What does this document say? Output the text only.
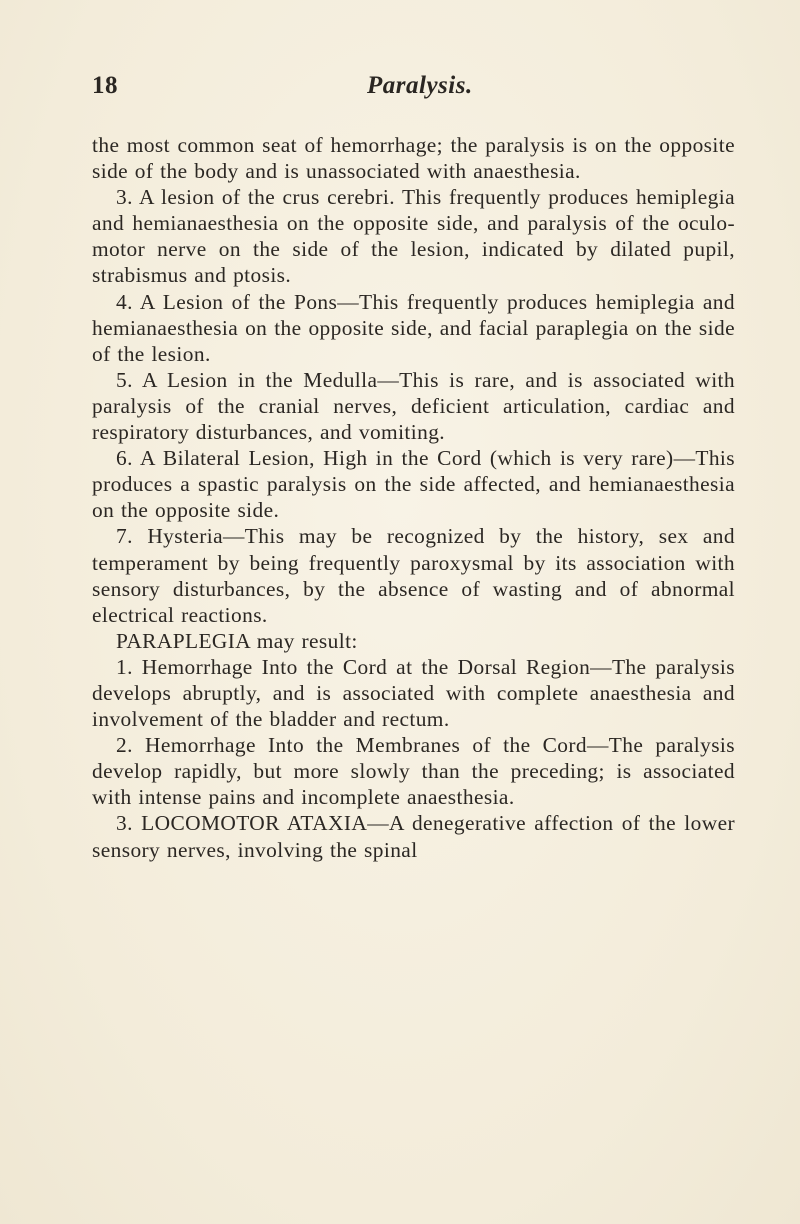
18	Paralysis.

the most common seat of hemorrhage; the paralysis is on the opposite side of the body and is unassociated with anaesthesia.

3. A lesion of the crus cerebri. This frequently produces hemiplegia and hemianaesthesia on the opposite side, and paralysis of the oculo-motor nerve on the side of the lesion, indicated by dilated pupil, strabismus and ptosis.

4. A Lesion of the Pons—This frequently produces hemiplegia and hemianaesthesia on the opposite side, and facial paraplegia on the side of the lesion.

5. A Lesion in the Medulla—This is rare, and is associated with paralysis of the cranial nerves, deficient articulation, cardiac and respiratory disturbances, and vomiting.

6. A Bilateral Lesion, High in the Cord (which is very rare)—This produces a spastic paralysis on the side affected, and hemianaesthesia on the opposite side.

7. Hysteria—This may be recognized by the history, sex and temperament by being frequently paroxysmal by its association with sensory disturbances, by the absence of wasting and of abnormal electrical reactions.

PARAPLEGIA may result:

1. Hemorrhage Into the Cord at the Dorsal Region—The paralysis develops abruptly, and is associated with complete anaesthesia and involvement of the bladder and rectum.

2. Hemorrhage Into the Membranes of the Cord—The paralysis develop rapidly, but more slowly than the preceding; is associated with intense pains and incomplete anaesthesia.

3. LOCOMOTOR ATAXIA—A denegerative affection of the lower sensory nerves, involving the spinal
